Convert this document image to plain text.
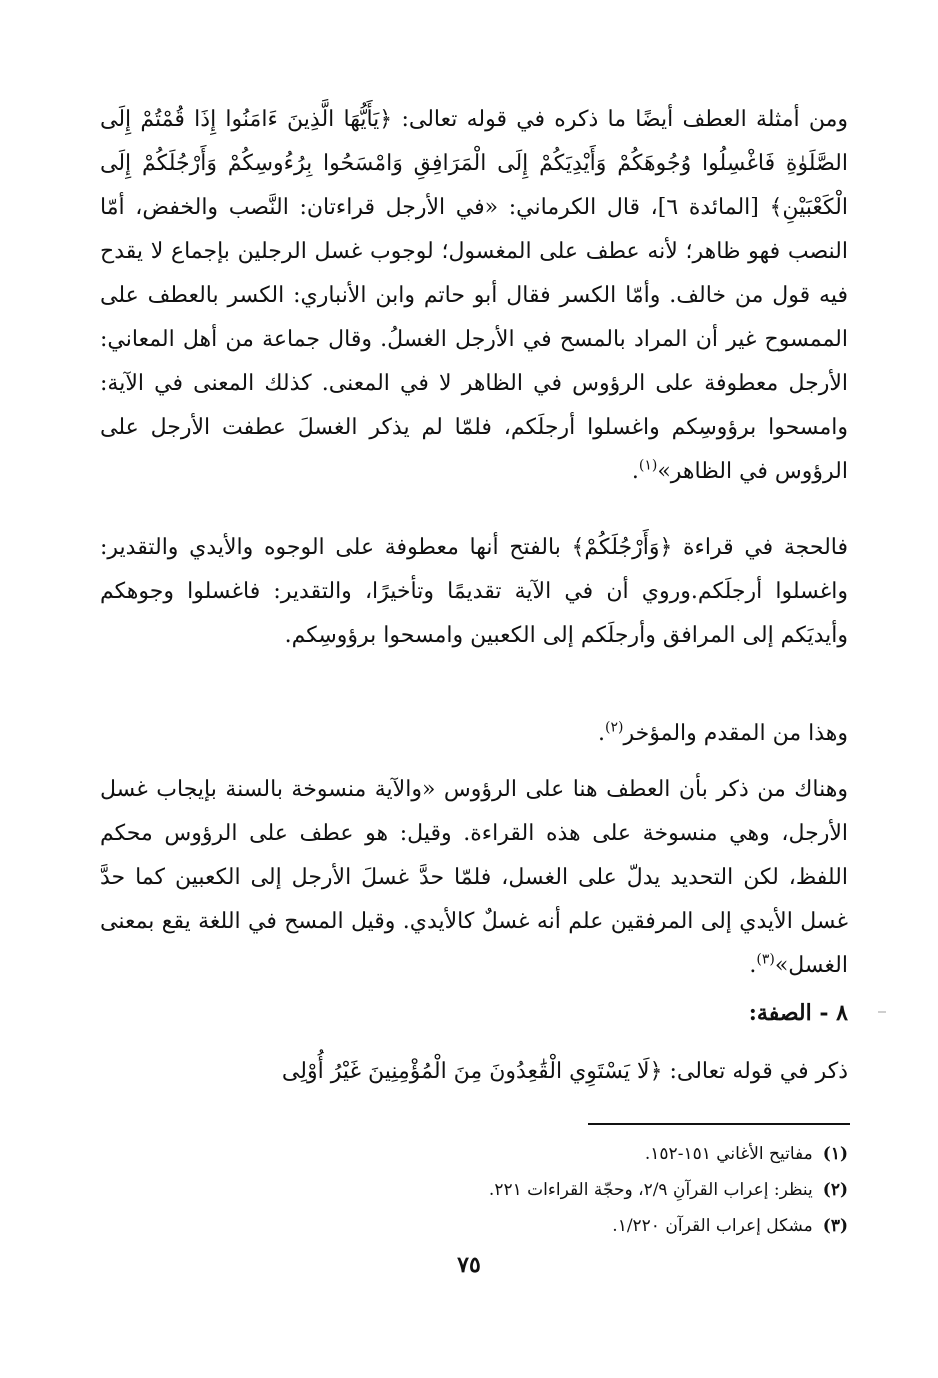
ومن أمثلة العطف أيضًا ما ذكره في قوله تعالى: ﴿يَأَيُّهَا الَّذِينَ ءَامَنُوا إِذَا قُمْتُمْ إِلَى الصَّلَوٰةِ فَاغْسِلُوا وُجُوهَكُمْ وَأَيْدِيَكُمْ إِلَى الْمَرَافِقِ وَامْسَحُوا بِرُءُوسِكُمْ وَأَرْجُلَكُمْ إِلَى الْكَعْبَيْنِ﴾ [المائدة ٦]، قال الكرماني: «في الأرجل قراءتان: النَّصب والخفض، أمّا النصب فهو ظاهر؛ لأنه عطف على المغسول؛ لوجوب غسل الرجلين بإجماع لا يقدح فيه قول من خالف. وأمّا الكسر فقال أبو حاتم وابن الأنباري: الكسر بالعطف على الممسوح غير أن المراد بالمسح في الأرجل الغسلُ. وقال جماعة من أهل المعاني: الأرجل معطوفة على الرؤوس في الظاهر لا في المعنى. كذلك المعنى في الآية: وامسحوا برؤوسِكم واغسلوا أرجلَكم، فلمّا لم يذكر الغسلَ عطفت الأرجل على الرؤوس في الظاهر»$^{(١)}$.

فالحجة في قراءة ﴿وَأَرْجُلَكُمْ﴾ بالفتح أنها معطوفة على الوجوه والأيدي والتقدير: واغسلوا أرجلَكم.وروي أن في الآية تقديمًا وتأخيرًا، والتقدير: فاغسلوا وجوهكم وأيديَكم إلى المرافق وأرجلَكم إلى الكعبين وامسحوا برؤوسِكم.

وهذا من المقدم والمؤخر$^{(٢)}$.

وهناك من ذكر بأن العطف هنا على الرؤوس «والآية منسوخة بالسنة بإيجاب غسل الأرجل، وهي منسوخة على هذه القراءة. وقيل: هو عطف على الرؤوس محكم اللفظ، لكن التحديد يدلّ على الغسل، فلمّا حدَّ غسلَ الأرجل إلى الكعبين كما حدَّ غسل الأيدي إلى المرفقين علم أنه غسلٌ كالأيدي. وقيل المسح في اللغة يقع بمعنى الغسل»$^{(٣)}$.

٨ - الصفة:

ذكر في قوله تعالى: ﴿لَا يَسْتَوِي الْقَٰعِدُونَ مِنَ الْمُؤْمِنِينَ غَيْرُ أُوْلِى

(١)مفاتيح الأغاني ١٥١-١٥٢.
(٢)ينظر: إعراب القرآنِ ٢/٩، وحجّة القراءات ٢٢١.
(٣)مشكل إعراب القرآن ١/٢٢٠.
٧٥
